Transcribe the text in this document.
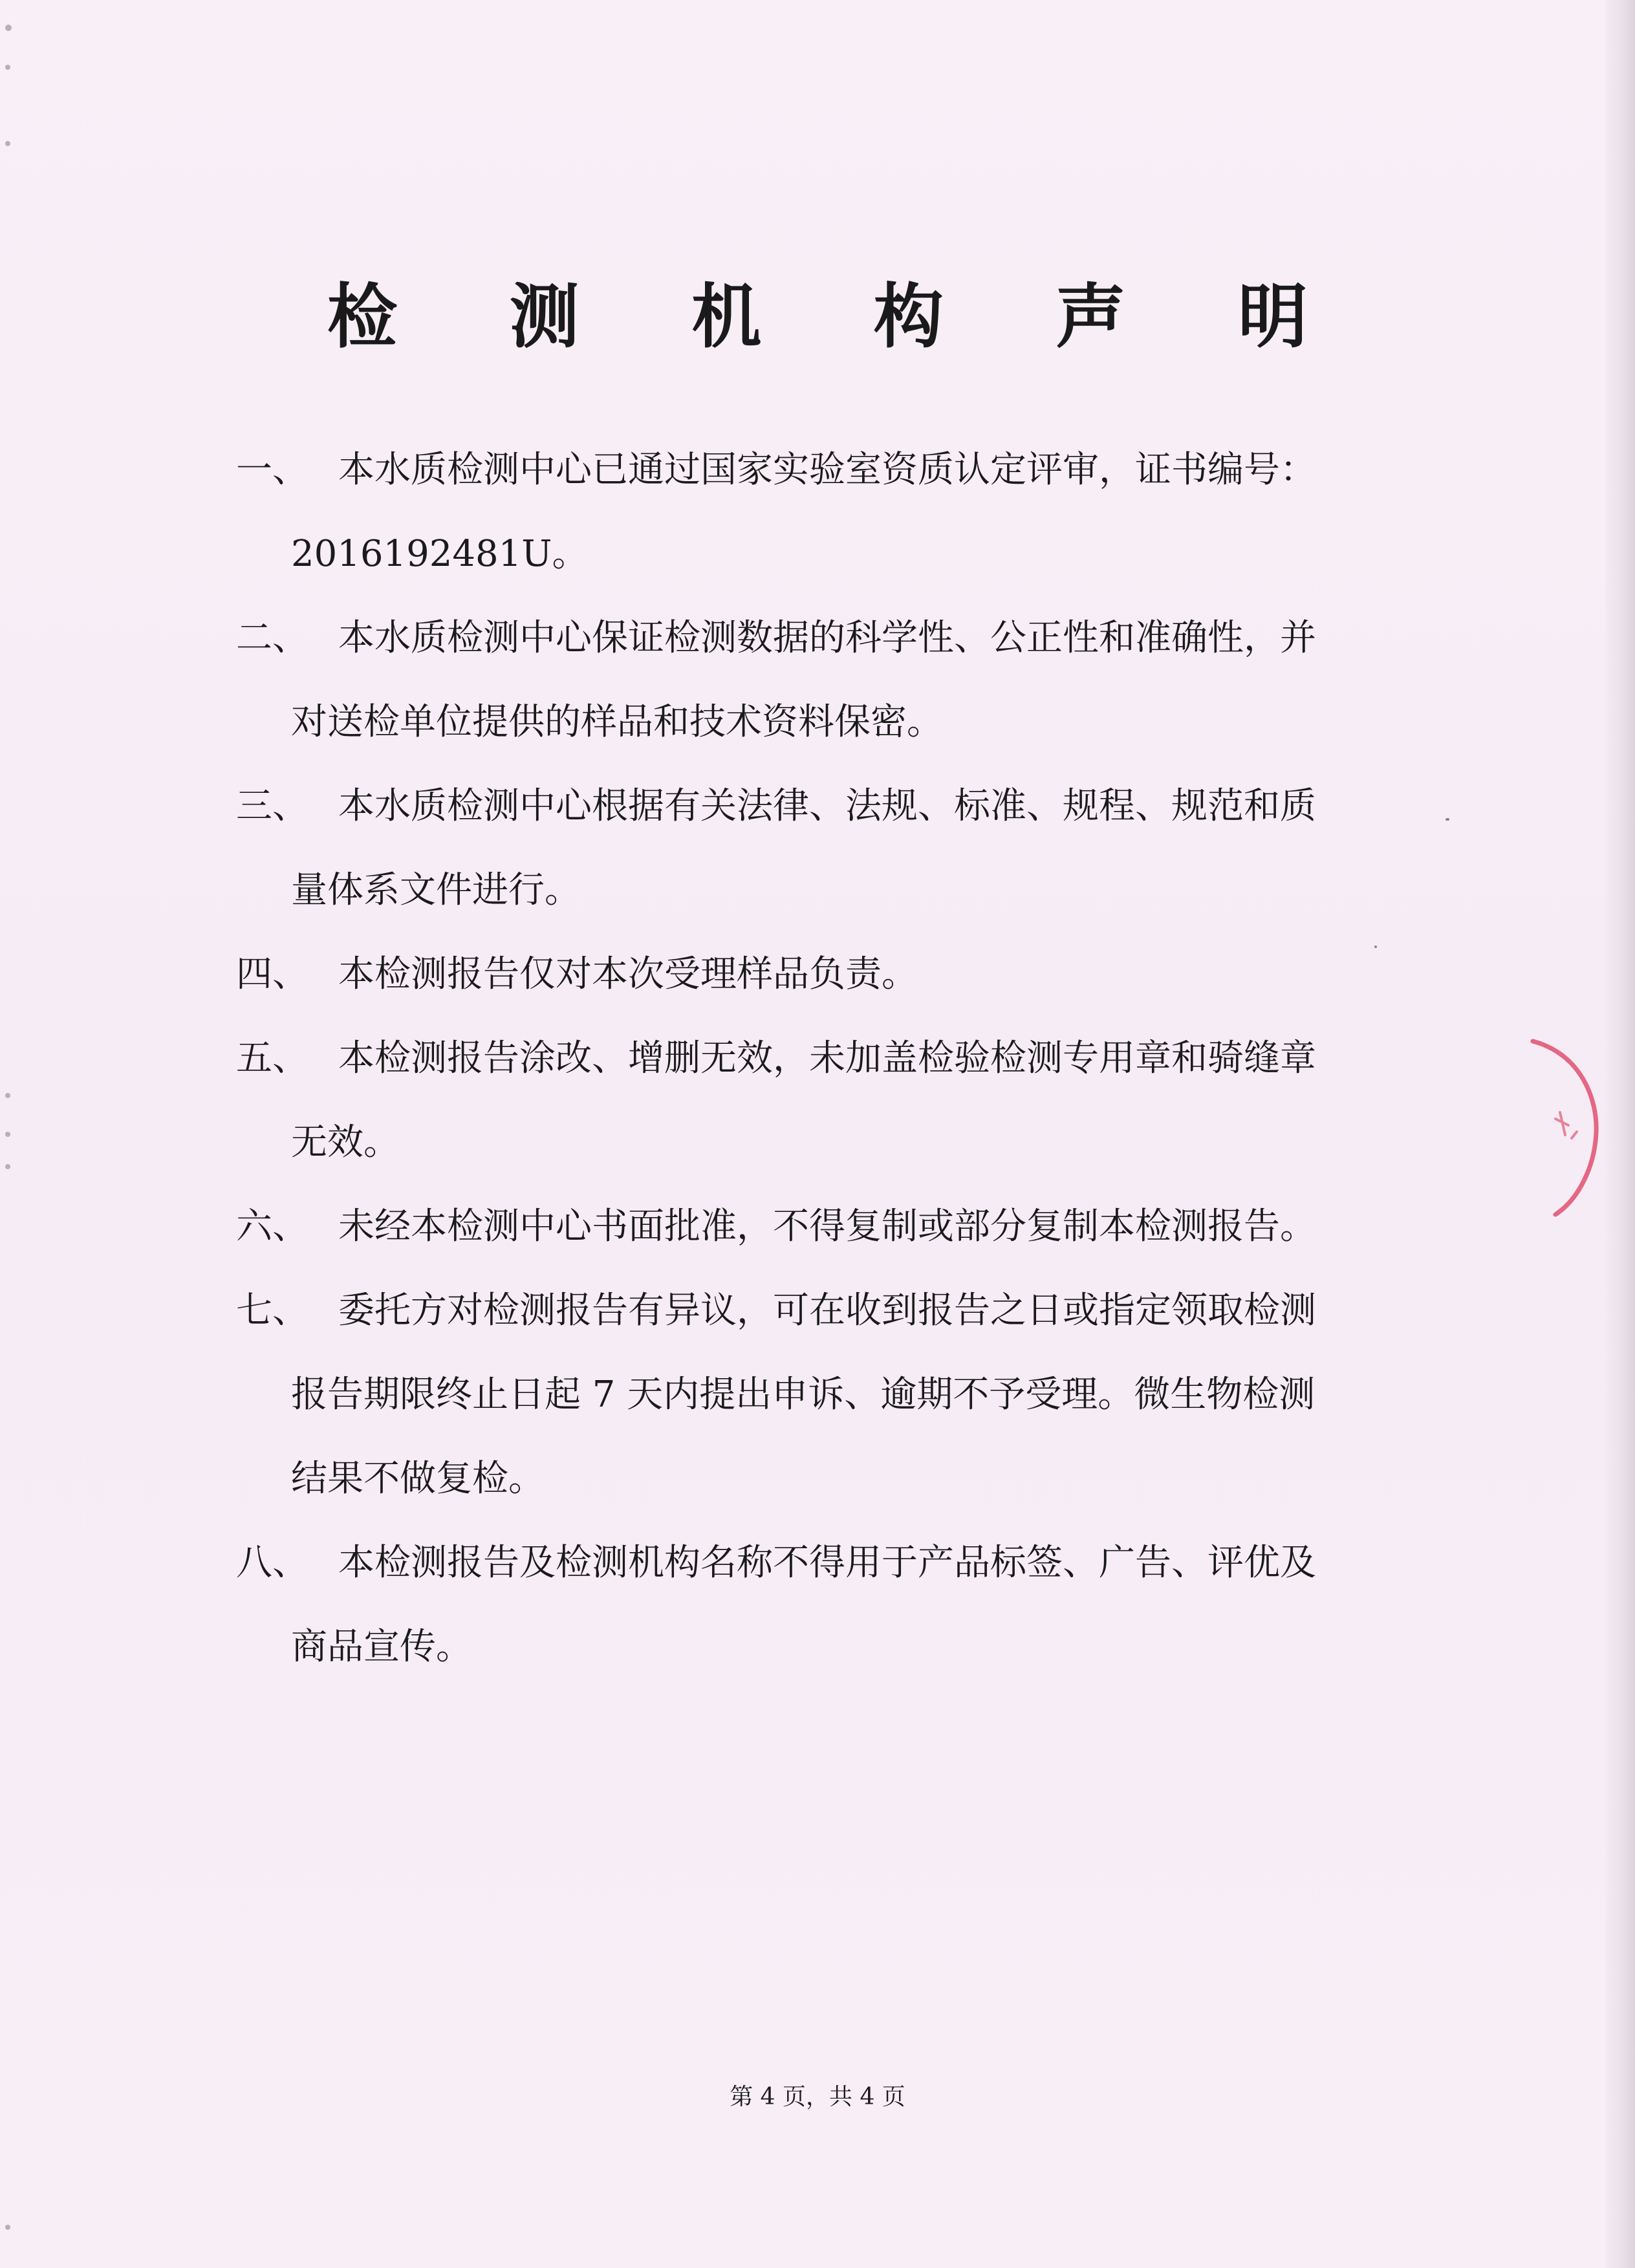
检 测 机 构 声 明
一、 本水质检测中心已通过国家实验室资质认定评审，证书编号：
2016192481U。
二、 本水质检测中心保证检测数据的科学性、公正性和准确性，并
对送检单位提供的样品和技术资料保密。
三、 本水质检测中心根据有关法律、法规、标准、规程、规范和质
量体系文件进行。
四、 本检测报告仅对本次受理样品负责。
五、 本检测报告涂改、增删无效，未加盖检验检测专用章和骑缝章
无效。
六、 未经本检测中心书面批准，不得复制或部分复制本检测报告。
七、 委托方对检测报告有异议，可在收到报告之日或指定领取检测
报告期限终止日起 7 天内提出申诉、逾期不予受理。微生物检测
结果不做复检。
八、 本检测报告及检测机构名称不得用于产品标签、广告、评优及
商品宣传。
第 4 页，共 4 页
